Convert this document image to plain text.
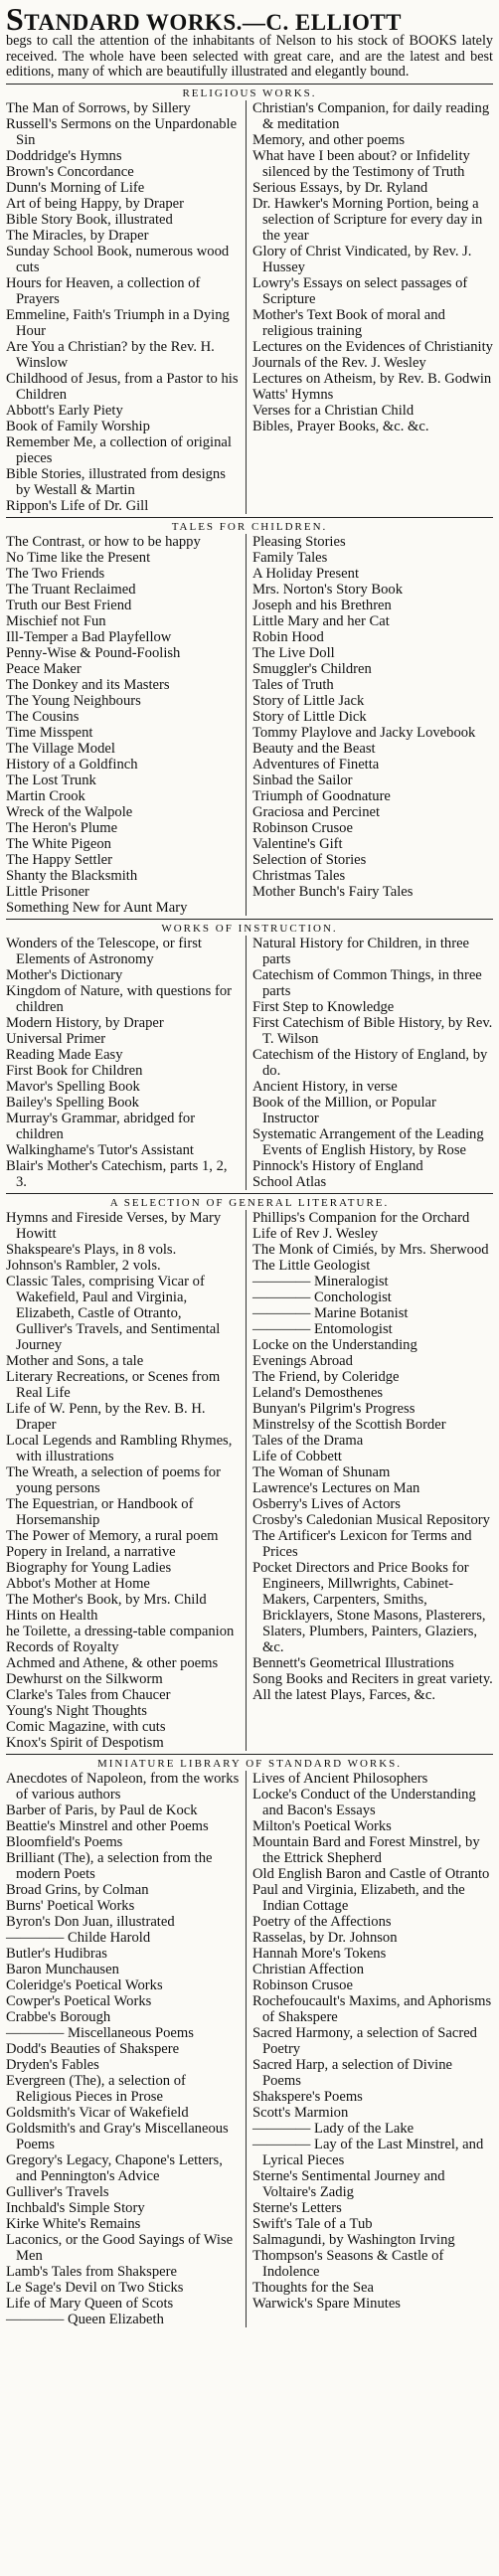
STANDARD WORKS.—C. ELLIOTT

begs to call the attention of the inhabitants of Nelson to his stock of BOOKS lately received. The whole have been selected with great care, and are the latest and best editions, many of which are beautifully illustrated and elegantly bound.

RELIGIOUS WORKS.
The Man of Sorrows, by Sillery
Russell's Sermons on the Unpardonable Sin
Doddridge's Hymns
Brown's Concordance
Dunn's Morning of Life
Art of being Happy, by Draper
Bible Story Book, illustrated
The Miracles, by Draper
Sunday School Book, numerous wood cuts
Hours for Heaven, a collection of Prayers
Emmeline, Faith's Triumph in a Dying Hour
Are You a Christian? by the Rev. H. Winslow
Childhood of Jesus, from a Pastor to his Children
Abbott's Early Piety
Book of Family Worship
Remember Me, a collection of original pieces
Bible Stories, illustrated from designs by Westall & Martin
Rippon's Life of Dr. Gill
Christian's Companion, for daily reading & meditation
Memory, and other poems
What have I been about? or Infidelity silenced by the Testimony of Truth
Serious Essays, by Dr. Ryland
Dr. Hawker's Morning Portion, being a selection of Scripture for every day in the year
Glory of Christ Vindicated, by Rev. J. Hussey
Lowry's Essays on select passages of Scripture
Mother's Text Book of moral and religious training
Lectures on the Evidences of Christianity
Journals of the Rev. J. Wesley
Lectures on Atheism, by Rev. B. Godwin
Watts' Hymns
Verses for a Christian Child
Bibles, Prayer Books, &c. &c.
TALES FOR CHILDREN.
The Contrast, or how to be happy
No Time like the Present
The Two Friends
The Truant Reclaimed
Truth our Best Friend
Mischief not Fun
Ill-Temper a Bad Playfellow
Penny-Wise & Pound-Foolish
Peace Maker
The Donkey and its Masters
The Young Neighbours
The Cousins
Time Misspent
The Village Model
History of a Goldfinch
The Lost Trunk
Martin Crook
Wreck of the Walpole
The Heron's Plume
The White Pigeon
The Happy Settler
Shanty the Blacksmith
Little Prisoner
Something New for Aunt Mary
Pleasing Stories
Family Tales
A Holiday Present
Mrs. Norton's Story Book
Joseph and his Brethren
Little Mary and her Cat
Robin Hood
The Live Doll
Smuggler's Children
Tales of Truth
Story of Little Jack
Story of Little Dick
Tommy Playlove and Jacky Lovebook
Beauty and the Beast
Adventures of Finetta
Sinbad the Sailor
Triumph of Goodnature
Graciosa and Percinet
Robinson Crusoe
Valentine's Gift
Selection of Stories
Christmas Tales
Mother Bunch's Fairy Tales
WORKS OF INSTRUCTION.
Wonders of the Telescope, or first Elements of Astronomy
Mother's Dictionary
Kingdom of Nature, with questions for children
Modern History, by Draper
Universal Primer
Reading Made Easy
First Book for Children
Mavor's Spelling Book
Bailey's Spelling Book
Murray's Grammar, abridged for children
Walkinghame's Tutor's Assistant
Blair's Mother's Catechism, parts 1, 2, 3.
Natural History for Children, in three parts
Catechism of Common Things, in three parts
First Step to Knowledge
First Catechism of Bible History, by Rev. T. Wilson
Catechism of the History of England, by do.
Ancient History, in verse
Book of the Million, or Popular Instructor
Systematic Arrangement of the Leading Events of English History, by Rose
Pinnock's History of England
School Atlas
A SELECTION OF GENERAL LITERATURE.
Hymns and Fireside Verses, by Mary Howitt
Shakspeare's Plays, in 8 vols.
Johnson's Rambler, 2 vols.
Classic Tales, comprising Vicar of Wakefield, Paul and Virginia, Elizabeth, Castle of Otranto, Gulliver's Travels, and Sentimental Journey
Mother and Sons, a tale
Literary Recreations, or Scenes from Real Life
Life of W. Penn, by the Rev. B. H. Draper
Local Legends and Rambling Rhymes, with illustrations
The Wreath, a selection of poems for young persons
The Equestrian, or Handbook of Horsemanship
The Power of Memory, a rural poem
Popery in Ireland, a narrative
Biography for Young Ladies
Abbot's Mother at Home
The Mother's Book, by Mrs. Child
Hints on Health
he Toilette, a dressing-table companion
Records of Royalty
Achmed and Athene, & other poems
Dewhurst on the Silkworm
Clarke's Tales from Chaucer
Young's Night Thoughts
Comic Magazine, with cuts
Knox's Spirit of Despotism
Phillips's Companion for the Orchard
Life of Rev J. Wesley
The Monk of Cimiés, by Mrs. Sherwood
The Little Geologist
———— Mineralogist
———— Conchologist
———— Marine Botanist
———— Entomologist
Locke on the Understanding
Evenings Abroad
The Friend, by Coleridge
Leland's Demosthenes
Bunyan's Pilgrim's Progress
Minstrelsy of the Scottish Border
Tales of the Drama
Life of Cobbett
The Woman of Shunam
Lawrence's Lectures on Man
Osberry's Lives of Actors
Crosby's Caledonian Musical Repository
The Artificer's Lexicon for Terms and Prices
Pocket Directors and Price Books for Engineers, Millwrights, Cabinet-Makers, Carpenters, Smiths, Bricklayers, Stone Masons, Plasterers, Slaters, Plumbers, Painters, Glaziers, &c.
Bennett's Geometrical Illustrations
Song Books and Reciters in great variety.
All the latest Plays, Farces, &c.
MINIATURE LIBRARY OF STANDARD WORKS.
Anecdotes of Napoleon, from the works of various authors
Barber of Paris, by Paul de Kock
Beattie's Minstrel and other Poems
Bloomfield's Poems
Brilliant (The), a selection from the modern Poets
Broad Grins, by Colman
Burns' Poetical Works
Byron's Don Juan, illustrated
———— Childe Harold
Butler's Hudibras
Baron Munchausen
Coleridge's Poetical Works
Cowper's Poetical Works
Crabbe's Borough
———— Miscellaneous Poems
Dodd's Beauties of Shakspere
Dryden's Fables
Evergreen (The), a selection of Religious Pieces in Prose
Goldsmith's Vicar of Wakefield
Goldsmith's and Gray's Miscellaneous Poems
Gregory's Legacy, Chapone's Letters, and Pennington's Advice
Gulliver's Travels
Inchbald's Simple Story
Kirke White's Remains
Laconics, or the Good Sayings of Wise Men
Lamb's Tales from Shakspere
Le Sage's Devil on Two Sticks
Life of Mary Queen of Scots
———— Queen Elizabeth
Lives of Ancient Philosophers
Locke's Conduct of the Understanding and Bacon's Essays
Milton's Poetical Works
Mountain Bard and Forest Minstrel, by the Ettrick Shepherd
Old English Baron and Castle of Otranto
Paul and Virginia, Elizabeth, and the Indian Cottage
Poetry of the Affections
Rasselas, by Dr. Johnson
Hannah More's Tokens
Christian Affection
Robinson Crusoe
Rochefoucault's Maxims, and Aphorisms of Shakspere
Sacred Harmony, a selection of Sacred Poetry
Sacred Harp, a selection of Divine Poems
Shakspere's Poems
Scott's Marmion
———— Lady of the Lake
———— Lay of the Last Minstrel, and Lyrical Pieces
Sterne's Sentimental Journey and Voltaire's Zadig
Sterne's Letters
Swift's Tale of a Tub
Salmagundi, by Washington Irving
Thompson's Seasons & Castle of Indolence
Thoughts for the Sea
Warwick's Spare Minutes
